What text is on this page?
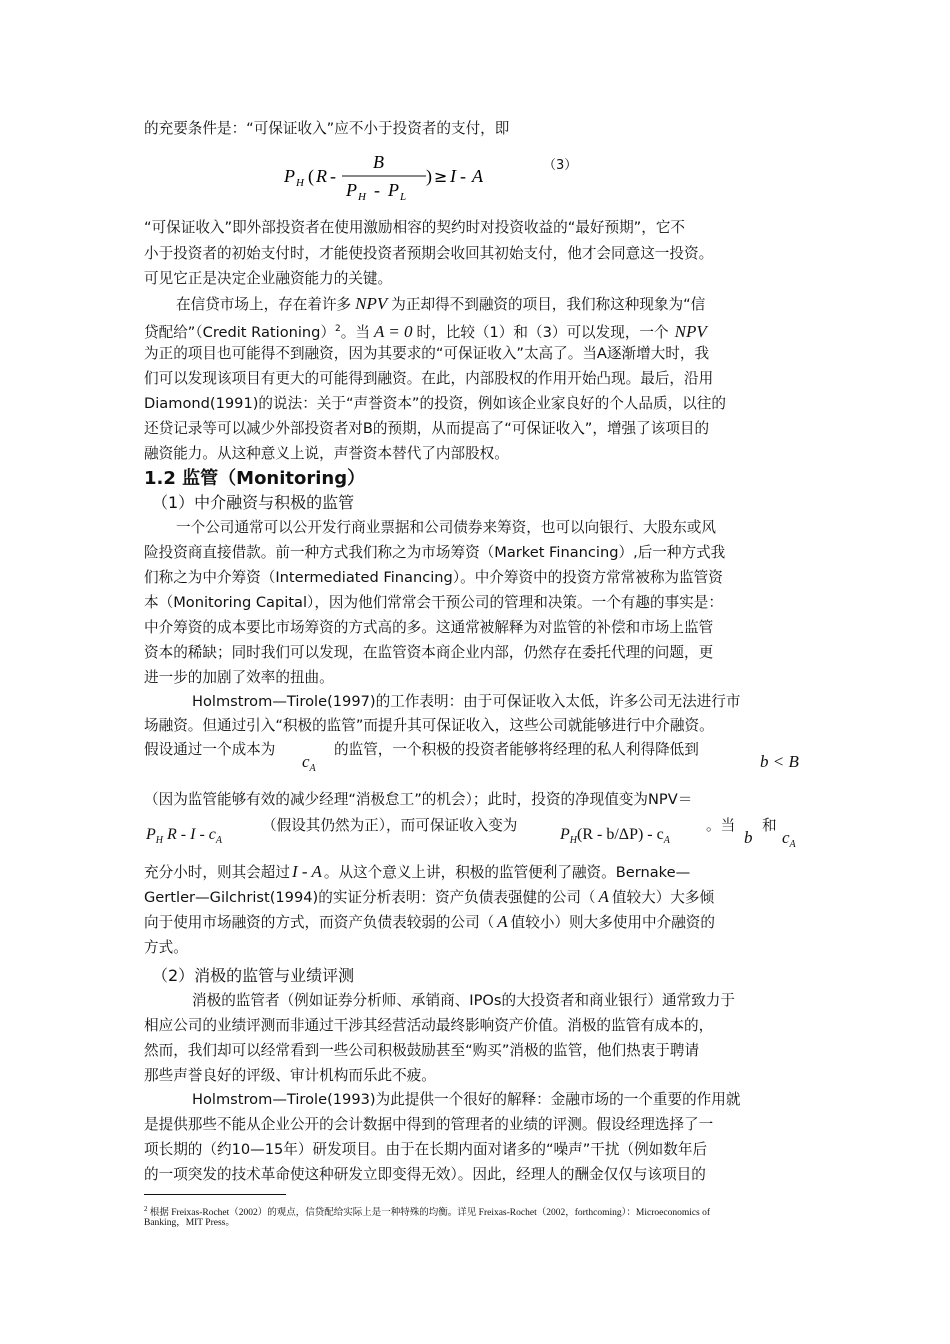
的充要条件是：“可保证收入”应不小于投资者的支付，即
P H ( R -
B
P H - P L
) ≥ I - A
（3）
“可保证收入”即外部投资者在使用激励相容的契约时对投资收益的“最好预期”，它不
小于投资者的初始支付时，才能使投资者预期会收回其初始支付，他才会同意这一投资。
可见它正是决定企业融资能力的关键。
在信贷市场上，存在着许多 NPV 为正却得不到融资的项目，我们称这种现象为“信
贷配给”（Credit Rationing）$^2$。当 A = 0 时，比较（1）和（3）可以发现，一个 NPV
为正的项目也可能得不到融资，因为其要求的“可保证收入”太高了。当A逐渐增大时，我
们可以发现该项目有更大的可能得到融资。在此，内部股权的作用开始凸现。最后，沿用
Diamond(1991)的说法：关于“声誉资本”的投资，例如该企业家良好的个人品质，以往的
还贷记录等可以减少外部投资者对B的预期，从而提高了“可保证收入”，增强了该项目的
融资能力。从这种意义上说，声誉资本替代了内部股权。
1.2 监管（Monitoring）
（1）中介融资与积极的监管
一个公司通常可以公开发行商业票据和公司债券来筹资，也可以向银行、大股东或风
险投资商直接借款。前一种方式我们称之为市场筹资（Market Financing）,后一种方式我
们称之为中介筹资（Intermediated Financing）。中介筹资中的投资方常常被称为监管资
本（Monitoring Capital），因为他们常常会干预公司的管理和决策。一个有趣的事实是：
中介筹资的成本要比市场筹资的方式高的多。这通常被解释为对监管的补偿和市场上监管
资本的稀缺；同时我们可以发现，在监管资本商企业内部，仍然存在委托代理的问题，更
进一步的加剧了效率的扭曲。
Holmstrom—Tirole(1997)的工作表明：由于可保证收入太低，许多公司无法进行市
场融资。但通过引入“积极的监管”而提升其可保证收入，这些公司就能够进行中介融资。
假设通过一个成本为
$c_A$
的监管，一个积极的投资者能够将经理的私人利得降低到
b < B
（因为监管能够有效的减少经理“消极怠工”的机会）；此时，投资的净现值变为NPV＝
$P_H$ R - I - $c_A$
（假设其仍然为正），而可保证收入变为
$P_H(R - b/\Delta P) - c_A$
。当
b
和
$c_A$
充分小时，则其会超过 I - A 。从这个意义上讲，积极的监管便利了融资。Bernake—
Gertler—Gilchrist(1994)的实证分析表明：资产负债表强健的公司（ A 值较大）大多倾
向于使用市场融资的方式，而资产负债表较弱的公司（ A 值较小）则大多使用中介融资的
方式。
（2）消极的监管与业绩评测
消极的监管者（例如证券分析师、承销商、IPOs的大投资者和商业银行）通常致力于
相应公司的业绩评测而非通过干涉其经营活动最终影响资产价值。消极的监管有成本的，
然而，我们却可以经常看到一些公司积极鼓励甚至“购买”消极的监管，他们热衷于聘请
那些声誉良好的评级、审计机构而乐此不疲。
Holmstrom—Tirole(1993)为此提供一个很好的解释：金融市场的一个重要的作用就
是提供那些不能从企业公开的会计数据中得到的管理者的业绩的评测。假设经理选择了一
项长期的（约10—15年）研发项目。由于在长期内面对诸多的“噪声”干扰（例如数年后
的一项突发的技术革命使这种研发立即变得无效）。因此，经理人的酬金仅仅与该项目的
$^2$ 根据 Freixas-Rochet（2002）的观点，信贷配给实际上是一种特殊的均衡。详见 Freixas-Rochet（2002，forthcoming）：Microeconomics of
Banking，MIT Press。
